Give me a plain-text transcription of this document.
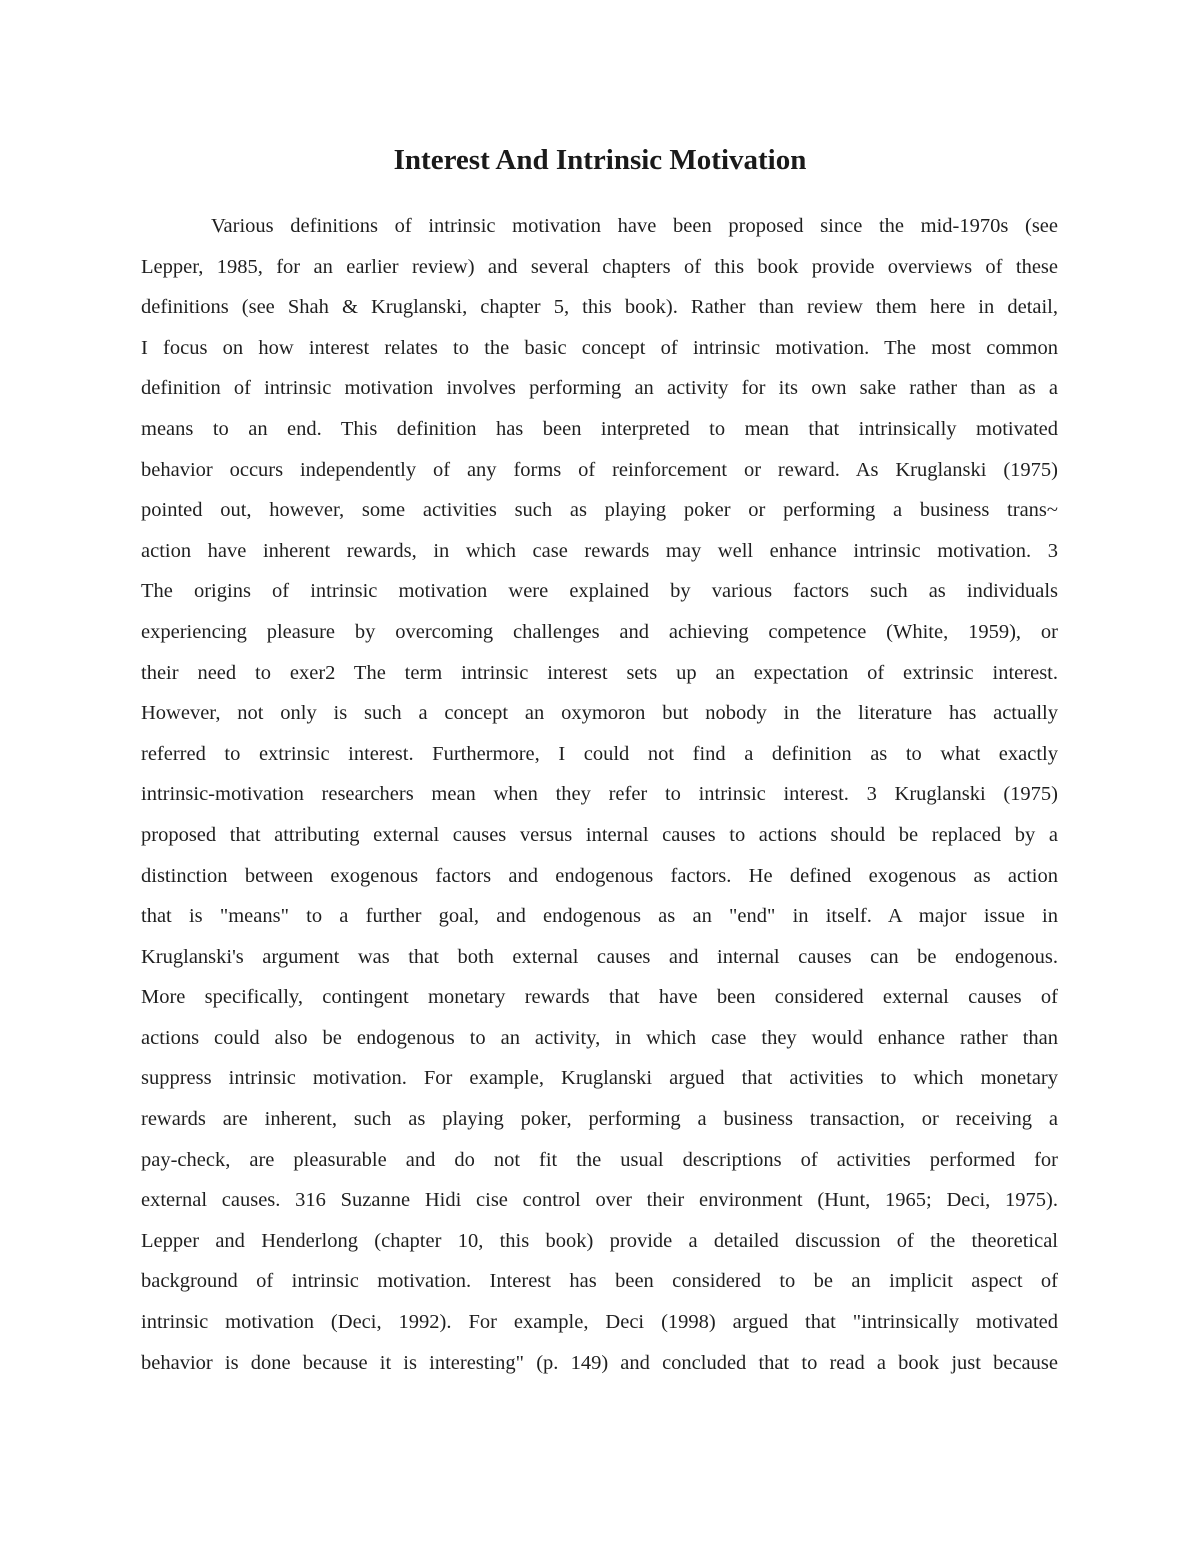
Interest And Intrinsic Motivation
Various definitions of intrinsic motivation have been proposed since the mid-1970s (see
Lepper, 1985, for an earlier review) and several chapters of this book provide overviews of these
definitions (see Shah & Kruglanski, chapter 5, this book). Rather than review them here in detail,
I focus on how interest relates to the basic concept of intrinsic motivation. The most common
definition of intrinsic motivation involves performing an activity for its own sake rather than as a
means to an end. This definition has been interpreted to mean that intrinsically motivated
behavior occurs independently of any forms of reinforcement or reward. As Kruglanski (1975)
pointed out, however, some activities such as playing poker or performing a business trans~
action have inherent rewards, in which case rewards may well enhance intrinsic motivation. 3
The origins of intrinsic motivation were explained by various factors such as individuals
experiencing pleasure by overcoming challenges and achieving competence (White, 1959), or
their need to exer2 The term intrinsic interest sets up an expectation of extrinsic interest.
However, not only is such a concept an oxymoron but nobody in the literature has actually
referred to extrinsic interest. Furthermore, I could not find a definition as to what exactly
intrinsic-motivation researchers mean when they refer to intrinsic interest. 3 Kruglanski (1975)
proposed that attributing external causes versus internal causes to actions should be replaced by a
distinction between exogenous factors and endogenous factors. He defined exogenous as action
that is "means" to a further goal, and endogenous as an "end" in itself. A major issue in
Kruglanski's argument was that both external causes and internal causes can be endogenous.
More specifically, contingent monetary rewards that have been considered external causes of
actions could also be endogenous to an activity, in which case they would enhance rather than
suppress intrinsic motivation. For example, Kruglanski argued that activities to which monetary
rewards are inherent, such as playing poker, performing a business transaction, or receiving a
pay-check, are pleasurable and do not fit the usual descriptions of activities performed for
external causes. 316 Suzanne Hidi cise control over their environment (Hunt, 1965; Deci, 1975).
Lepper and Henderlong (chapter 10, this book) provide a detailed discussion of the theoretical
background of intrinsic motivation. Interest has been considered to be an implicit aspect of
intrinsic motivation (Deci, 1992). For example, Deci (1998) argued that "intrinsically motivated
behavior is done because it is interesting" (p. 149) and concluded that to read a book just because
